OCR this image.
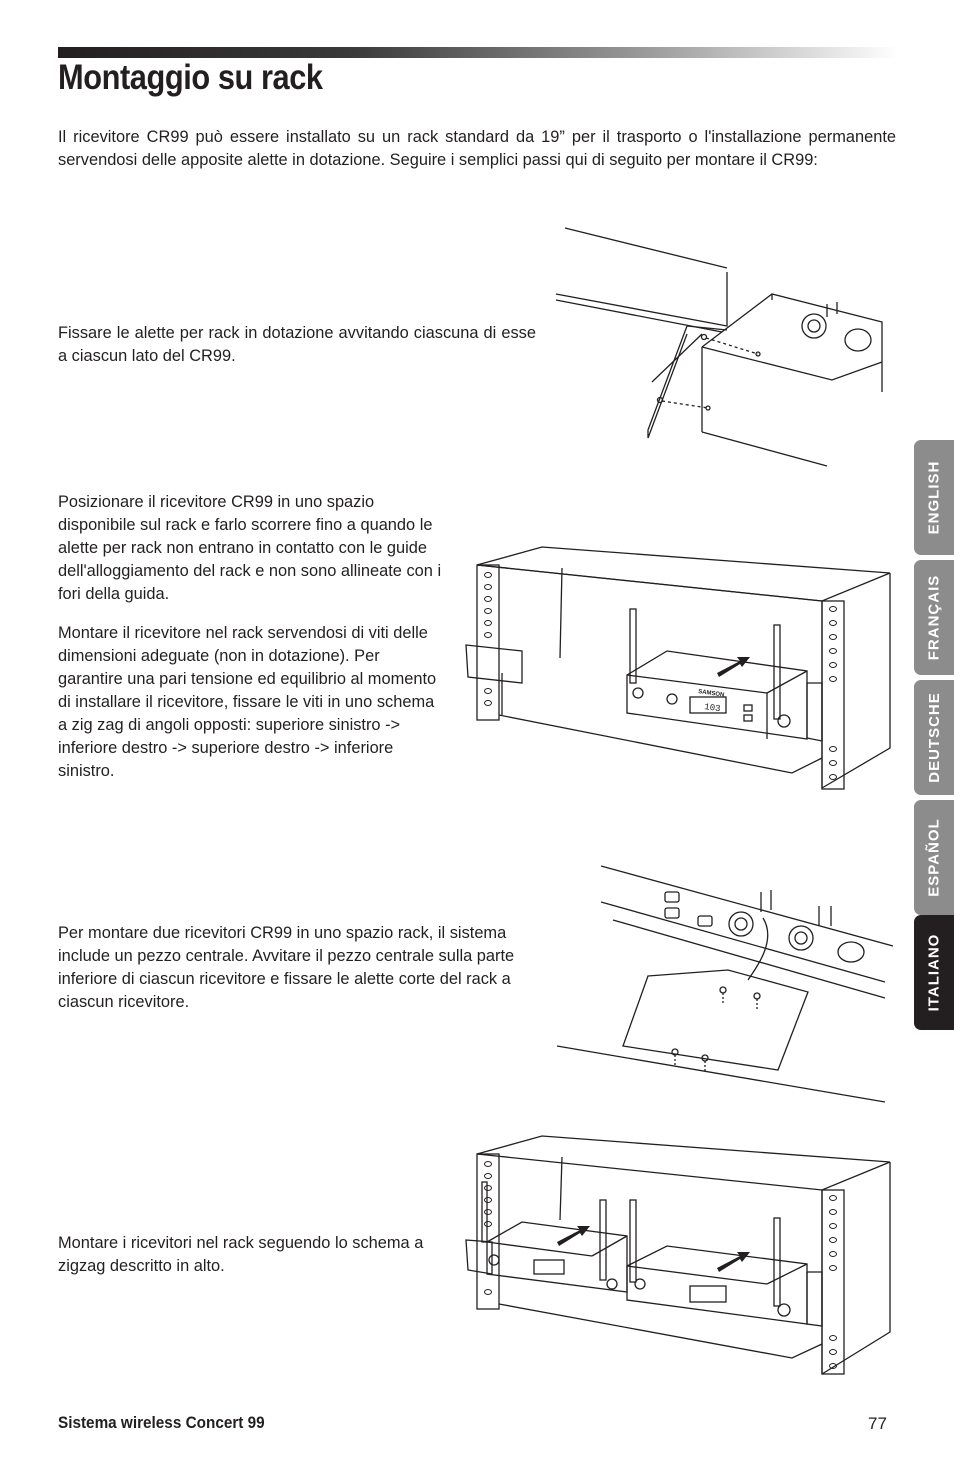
Montaggio su rack

Il ricevitore CR99 può essere installato su un rack standard da 19” per il trasporto o l'installazione permanente servendosi delle apposite alette in dotazione. Seguire i semplici passi qui di seguito per montare il CR99:

Fissare le alette per rack in dotazione avvitando ciascuna di esse a ciascun lato del CR99.

SAMSON
103

Posizionare il ricevitore CR99 in uno spazio disponibile sul rack e farlo scorrere fino a quando le alette per rack non entrano in contatto con le guide dell'alloggiamento del rack e non sono allineate con i fori della guida.

Montare il ricevitore nel rack servendosi di viti delle dimensioni adeguate (non in dotazione). Per garantire una pari tensione ed equilibrio al momento di installare il ricevitore, fissare le viti in uno schema a zig zag di angoli opposti: superiore sinistro -> inferiore destro -> superiore destro -> inferiore sinistro.

Per montare due ricevitori CR99 in uno spazio rack, il sistema include un pezzo centrale. Avvitare il pezzo centrale sulla parte inferiore di ciascun ricevitore e fissare le alette corte del rack a ciascun ricevitore.

Montare i ricevitori nel rack seguendo lo schema a zigzag descritto in alto.

ENGLISH
FRANÇAIS
DEUTSCHE
ESPAÑOL
ITALIANO

Sistema wireless Concert 99	77
